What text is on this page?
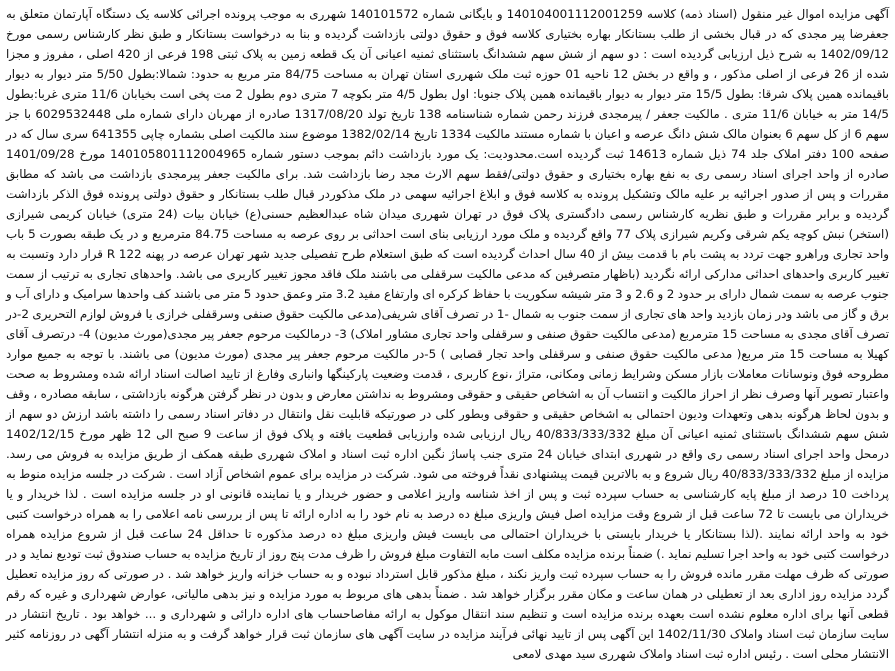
آگهی مزایده اموال غیر منقول (اسناد ذمه) کلاسه 140104001112001259 و بایگانی شماره 140101572 شهرری به موجب پرونده اجرائی کلاسه یک دستگاه آپارتمان متعلق به جعفرضا پیر مجدی که در قبال بخشی از طلب بستانکار بهاره بختیاری کلاسه فوق و حقوق دولتی بازداشت گردیده و بنا به درخواست بستانکار و طبق نظر کارشناس رسمی مورخ 1402/09/12 به شرح ذیل ارزیابی گردیده است : دو سهم از شش سهم ششدانگ باستثنای ثمنیه اعیانی آن یک قطعه زمین به پلاک ثبتی 198 فرعی از 420 اصلی ، مفروز و مجزا شده از 26 فرعی از اصلی مذکور ، و واقع در بخش 12 ناحیه 01 حوزه ثبت ملک شهرری استان تهران به مساحت 84/75 متر مربع به حدود: شمالا:بطول 5/50 متر دیوار به دیوار باقیمانده همین پلاک شرقا: بطول 15/5 متر دیوار به دیوار باقیمانده همین پلاک جنوبا: اول بطول 4/5 متر بکوچه 7 متری دوم بطول 2 مت پخی است بخیابان 11/6 متری غربا:بطول 14/5 متر به خیابان 11/6 متری . مالکیت جعفر / پیرمجدی فرزند رحمن شماره شناسنامه 138 تاریخ تولد 1317/08/20 صادره از مهربان دارای شماره ملی 6029532448 با جز سهم 6 از کل سهم 6 بعنوان مالک شش دانگ عرصه و اعیان با شماره مستند مالکیت 1334 تاریخ 1382/02/14 موضوع سند مالکیت اصلی بشماره چاپی 641355 سری سال که در صفحه 100 دفتر املاک جلد 74 ذیل شماره 14613 ثبت گردیده است.محدودیت: یک مورد بازداشت دائم بموجب دستور شماره 140105801112004965 مورخ 1401/09/28 صادره از واحد اجرای اسناد رسمی ری به نفع بهاره بختیاری و حقوق دولتی/فقط سهم الارث مجد رضا بازداشت شد. برای مالکیت جعفر پیرمجدی بازداشت می باشد که مطابق مقررات و پس از صدور اجرائیه بر علیه مالک وتشکیل پرونده به کلاسه فوق و ابلاغ اجرائیه سهمی در ملک مذکوردر قبال طلب بستانکار و حقوق دولتی پرونده فوق الذکر بازداشت گردیده و برابر مقررات و طبق نظریه کارشناس رسمی دادگستری پلاک فوق در تهران شهرری میدان شاه عبدالعظیم حسنی(ع) خیابان بیات (24 متری) خیابان کریمی شیرازی (استخر) نبش کوچه یکم شرقی وکریم شیرازی پلاک 77 واقع گردیده و ملک مورد ارزیابی بنای است احداثی بر روی عرصه به مساحت 84.75 مترمربع و در یک طبقه بصورت 5 باب واحد تجاری وراهرو جهت تردد به پشت بام با قدمت بیش از 40 سال احداث گردیده است که طبق استعلام طرح تفصیلی جدید شهر تهران عرصه در پهنه R 122 قرار دارد وتسبت به تغییر کاربری واحدهای احداثی مدارکی ارائه نگردید (باظهار متصرفین که مدعی مالکیت سرقفلی می باشند ملک فاقد مجوز تغییر کاربری می باشد. واحدهای تجاری به ترتیب از سمت جنوب عرصه به سمت شمال دارای بر حدود 2 و 2.6 و 3 متر شیشه سکوریت با حفاظ کرکره ای وارتفاع مفید 3.2 متر وعمق حدود 5 متر می باشند کف واحدها سرامیک و دارای آب و برق و گاز می باشد ودر زمان بازدید واحد های تجاری از سمت جنوب به شمال -1 در تصرف آقای شریفی(مدعی مالکیت حقوق صنفی وسرقفلی خرازی یا فروش لوازم التحریری 2-در تصرف آقای مجدی به مساحت 15 مترمربع (مدعی مالکیت حقوق صنفی و سرقفلی واحد تجاری مشاور املاک) 3- درمالکیت مرحوم جعفر پیر مجدی(مورث مدیون) 4- درتصرف آقای کهیلا به مساحت 15 متر مربع( مدعی مالکیت حقوق صنفی و سرقفلی واحد تجار قصابی ) 5-در مالکیت مرحوم جعفر پیر مجدی (مورث مدیون) می باشند. با توجه به جمیع موارد مطروحه فوق ونوسانات معاملات بازار مسکن وشرایط زمانی ومکانی، متراژ ،نوع کاربری ، قدمت وضعیت پارکینگها وانباری وفارغ از تایید اصالت اسناد ارائه شده ومشروط به صحت واعتبار تصویر آنها وصرف نظر از احراز مالکیت و انتساب آن به اشخاص حقیقی و حقوقی ومشروط به نداشتن معارض و بدون در نظر گرفتن هرگونه بازداشتی ، سابقه مصادره ، وقف و بدون لحاظ هرگونه بدهی وتعهدات ودیون احتمالی به اشخاص حقیقی و حقوقی وبطور کلی در صورتیکه قابلیت نقل وانتقال در دفاتر اسناد رسمی را داشته باشد ارزش دو سهم از شش سهم ششدانگ باستثنای ثمنیه اعیانی آن مبلغ 40/833/333/332 ریال ارزیابی شده وارزیابی قطعیت یافته و پلاک فوق از ساعت 9 صبح الی 12 ظهر مورخ 1402/12/15 درمحل واحد اجرای اسناد رسمی ری واقع در شهرری ابتدای خیابان 24 متری جنب پاساژ نگین اداره ثبت اسناد و املاک شهرری طبقه همکف از طریق مزایده به فروش می رسد. مزایده از مبلغ 40/833/333/332 ریال شروع و به بالاترین قیمت پیشنهادی نقداً فروخته می شود. شرکت در مزایده برای عموم اشخاص آزاد است . شرکت در جلسه مزایده منوط به پرداخت 10 درصد از مبلغ پایه کارشناسی به حساب سپرده ثبت و پس از اخذ شناسه واریز اعلامی و حضور خریدار و یا نماینده قانونی او در جلسه مزایده است . لذا خریدار و یا خریداران می بایست تا 72 ساعت قبل از شروع وقت مزایده اصل فیش واریزی مبلغ ده درصد به نام خود را به اداره ارائه تا پس از بررسی نامه اعلامی را به همراه درخواست کتبی خود به واحد ارائه نمایند .(لذا بستانکار یا خریدار بایستی با خریداران احتمالی می بایست فیش واریزی مبلغ ده درصد مذکوره تا حداقل 24 ساعت قبل از شروع مزایده همراه درخواست کتبی خود به واحد اجرا تسلیم نماید .) ضمناً برنده مزایده مکلف است مابه التفاوت مبلغ فروش را ظرف مدت پنج روز از تاریخ مزایده به حساب صندوق ثبت تودیع نماید و در صورتی که ظرف مهلت مقرر مانده فروش را به حساب سپرده ثبت واریز نکند ، مبلغ مذکور قابل استرداد نبوده و به حساب خزانه واریز خواهد شد . در صورتی که روز مزایده تعطیل گردد مزایده روز اداری بعد از تعطیلی در همان ساعت و مکان مقرر برگزار خواهد شد . ضمناً بدهی های مربوط به مورد مزایده و نیز بدهی مالیاتی، عوارض شهرداری و غیره که رقم قطعی آنها برای اداره معلوم نشده است بعهده برنده مزایده است و تنظیم سند انتقال موکول به ارائه مفاصاحساب های اداره دارائی و شهرداری و ... خواهد بود . تاریخ انتشار در سایت سازمان ثبت اسناد واملاک 1402/11/30 این آگهی پس از تایید نهائی فرآیند مزایده در سایت آگهی های سازمان ثبت قرار خواهد گرفت و به منزله انتشار آگهی در روزنامه کثیر الانتشار محلی است . رئیس اداره ثبت اسناد واملاک شهرری سید مهدی لامعی
